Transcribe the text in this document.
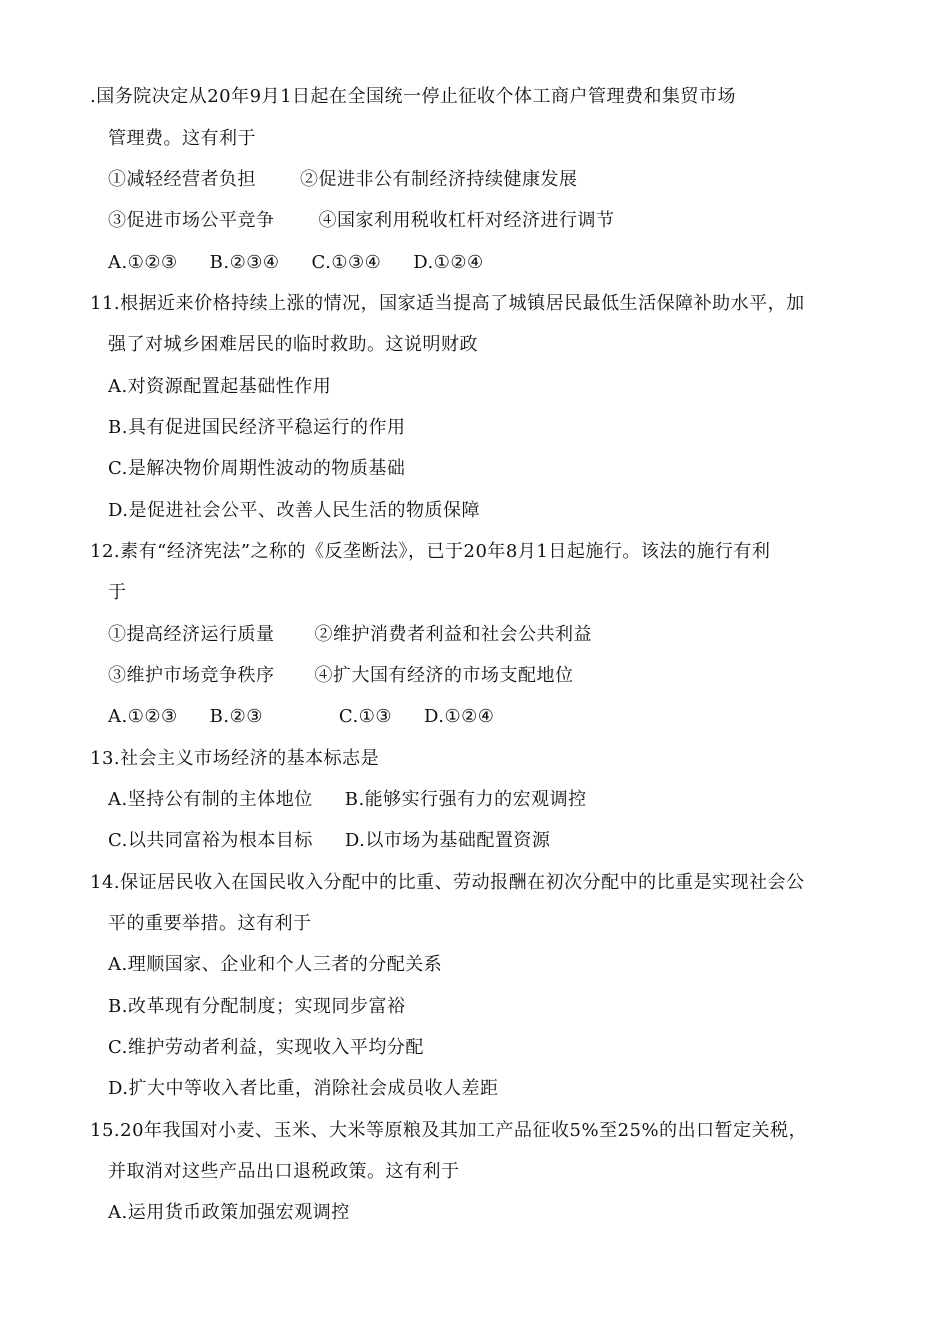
.国务院决定从20年9月1日起在全国统一停止征收个体工商户管理费和集贸市场
管理费。这有利于
①减轻经营者负担 ②促进非公有制经济持续健康发展
③促进市场公平竞争 ④国家利用税收杠杆对经济进行调节
A.①②③ B.②③④ C.①③④ D.①②④
11.根据近来价格持续上涨的情况，国家适当提高了城镇居民最低生活保障补助水平，加
强了对城乡困难居民的临时救助。这说明财政
A.对资源配置起基础性作用
B.具有促进国民经济平稳运行的作用
C.是解决物价周期性波动的物质基础
D.是促进社会公平、改善人民生活的物质保障
12.素有“经济宪法”之称的《反垄断法》，已于20年8月1日起施行。该法的施行有利
于
①提高经济运行质量 ②维护消费者利益和社会公共利益
③维护市场竞争秩序 ④扩大国有经济的市场支配地位
A.①②③ B.②③	C.①③ D.①②④
13.社会主义市场经济的基本标志是
A.坚持公有制的主体地位 B.能够实行强有力的宏观调控
C.以共同富裕为根本目标 D.以市场为基础配置资源
14.保证居民收入在国民收入分配中的比重、劳动报酬在初次分配中的比重是实现社会公
平的重要举措。这有利于
A.理顺国家、企业和个人三者的分配关系
B.改革现有分配制度；实现同步富裕
C.维护劳动者利益，实现收入平均分配
D.扩大中等收入者比重，消除社会成员收人差距
15.20年我国对小麦、玉米、大米等原粮及其加工产品征收5%至25%的出口暂定关税，
并取消对这些产品出口退税政策。这有利于
A.运用货币政策加强宏观调控
